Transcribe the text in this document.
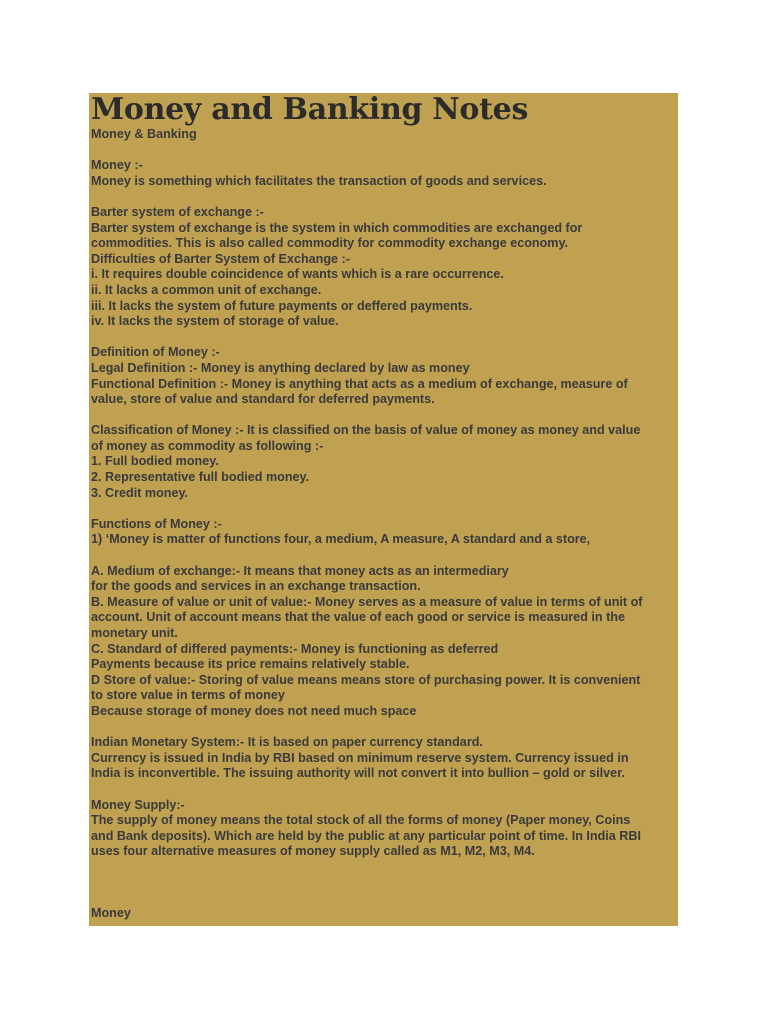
Money and Banking Notes
Money & Banking
Money :-
Money is something which facilitates the transaction of goods and services.
Barter system of exchange :-
Barter system of exchange is the system in which commodities are exchanged for
commodities. This is also called commodity for commodity exchange economy.
Difficulties of Barter System of Exchange :-
i. It requires double coincidence of wants which is a rare occurrence.
ii. It lacks a common unit of exchange.
iii. It lacks the system of future payments or deffered payments.
iv. It lacks the system of storage of value.
Definition of Money :-
Legal Definition :- Money is anything declared by law as money
Functional Definition :- Money is anything that acts as a medium of exchange, measure of
value, store of value and standard for deferred payments.
Classification of Money :- It is classified on the basis of value of money as money and value
of money as commodity as following :-
1. Full bodied money.
2. Representative full bodied money.
3. Credit money.
Functions of Money :-
1) ‘Money is matter of functions four, a medium, A measure, A standard and a store,
A. Medium of exchange:- It means that money acts as an intermediary
for the goods and services in an exchange transaction.
B. Measure of value or unit of value:- Money serves as a measure of value in terms of unit of
account. Unit of account means that the value of each good or service is measured in the
monetary unit.
C. Standard of differed payments:- Money is functioning as deferred
Payments because its price remains relatively stable.
D Store of value:- Storing of value means means store of purchasing power. It is convenient
to store value in terms of money
Because storage of money does not need much space
Indian Monetary System:- It is based on paper currency standard.
Currency is issued in India by RBI based on minimum reserve system. Currency issued in
India is inconvertible. The issuing authority will not convert it into bullion – gold or silver.
Money Supply:-
The supply of money means the total stock of all the forms of money (Paper money, Coins
and Bank deposits). Which are held by the public at any particular point of time. In India RBI
uses four alternative measures of money supply called as M1, M2, M3, M4.
Money
